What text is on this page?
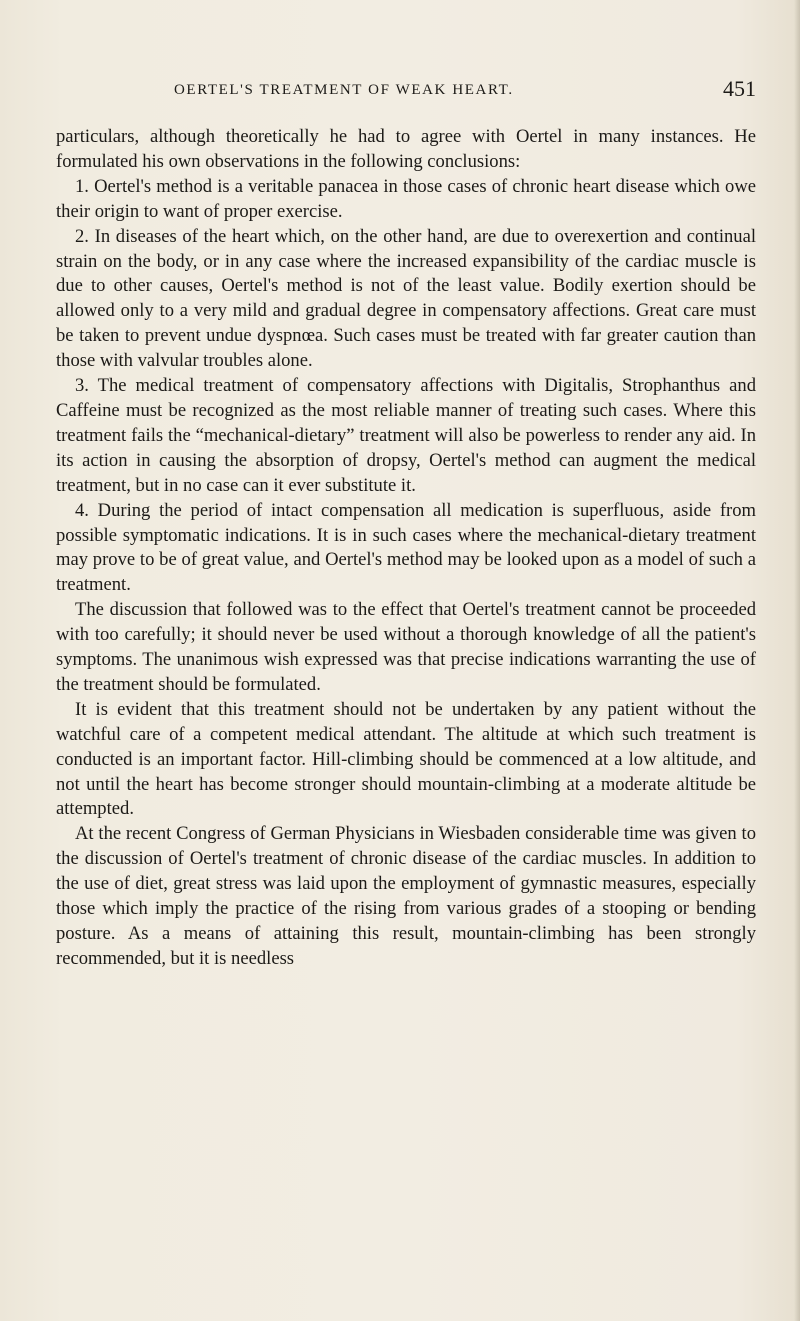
OERTEL'S TREATMENT OF WEAK HEART.	451

particulars, although theoretically he had to agree with Oertel in many instances. He formulated his own observations in the following conclusions:

1. Oertel's method is a veritable panacea in those cases of chronic heart disease which owe their origin to want of proper exercise.

2. In diseases of the heart which, on the other hand, are due to overexertion and continual strain on the body, or in any case where the increased expansibility of the cardiac muscle is due to other causes, Oertel's method is not of the least value. Bodily exertion should be allowed only to a very mild and gradual degree in compensatory affections. Great care must be taken to prevent undue dyspnœa. Such cases must be treated with far greater caution than those with valvular troubles alone.

3. The medical treatment of compensatory affections with Digitalis, Strophanthus and Caffeine must be recognized as the most reliable manner of treating such cases. Where this treatment fails the “mechanical-dietary” treatment will also be powerless to render any aid. In its action in causing the absorption of dropsy, Oertel's method can augment the medical treatment, but in no case can it ever substitute it.

4. During the period of intact compensation all medication is superfluous, aside from possible symptomatic indications. It is in such cases where the mechanical-dietary treatment may prove to be of great value, and Oertel's method may be looked upon as a model of such a treatment.

The discussion that followed was to the effect that Oertel's treatment cannot be proceeded with too carefully; it should never be used without a thorough knowledge of all the patient's symptoms. The unanimous wish expressed was that precise indications warranting the use of the treatment should be formulated.

It is evident that this treatment should not be undertaken by any patient without the watchful care of a competent medical attendant. The altitude at which such treatment is conducted is an important factor. Hill-climbing should be commenced at a low altitude, and not until the heart has become stronger should mountain-climbing at a moderate altitude be attempted.

At the recent Congress of German Physicians in Wiesbaden considerable time was given to the discussion of Oertel's treatment of chronic disease of the cardiac muscles. In addition to the use of diet, great stress was laid upon the employment of gymnastic measures, especially those which imply the practice of the rising from various grades of a stooping or bending posture. As a means of attaining this result, mountain-climbing has been strongly recommended, but it is needless
